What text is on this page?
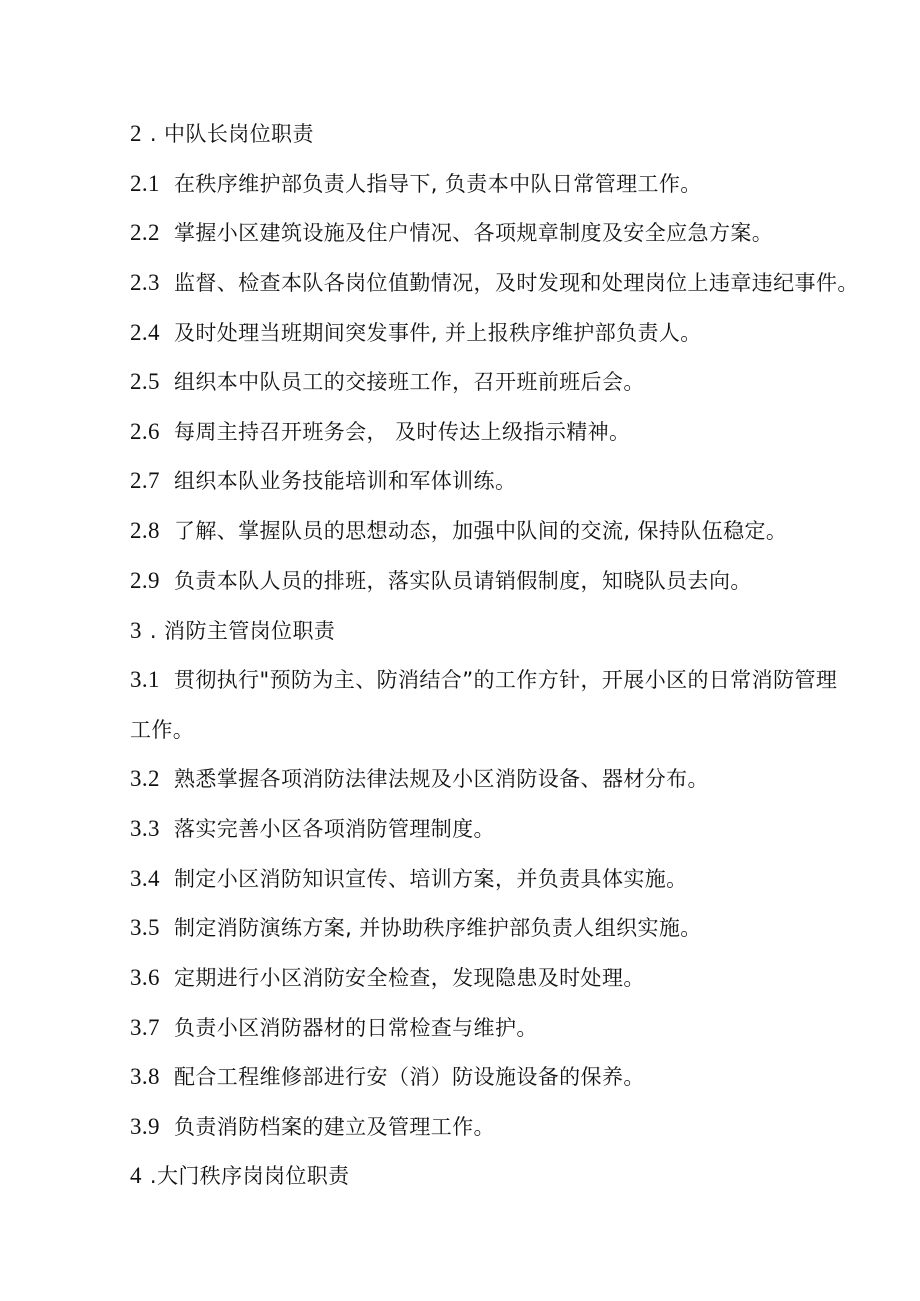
2 . 中队长岗位职责
2.1 在秩序维护部负责人指导下, 负责本中队日常管理工作。
2.2 掌握小区建筑设施及住户情况、各项规章制度及安全应急方案。
2.3 监督、检查本队各岗位值勤情况，及时发现和处理岗位上违章违纪事件。
2.4 及时处理当班期间突发事件, 并上报秩序维护部负责人。
2.5 组织本中队员工的交接班工作，召开班前班后会。
2.6 每周主持召开班务会， 及时传达上级指示精神。
2.7 组织本队业务技能培训和军体训练。
2.8 了解、掌握队员的思想动态，加强中队间的交流, 保持队伍稳定。
2.9 负责本队人员的排班，落实队员请销假制度，知晓队员去向。
3 . 消防主管岗位职责
3.1 贯彻执行"预防为主、防消结合”的工作方针，开展小区的日常消防管理
工作。
3.2 熟悉掌握各项消防法律法规及小区消防设备、器材分布。
3.3 落实完善小区各项消防管理制度。
3.4 制定小区消防知识宣传、培训方案，并负责具体实施。
3.5 制定消防演练方案, 并协助秩序维护部负责人组织实施。
3.6 定期进行小区消防安全检查，发现隐患及时处理。
3.7 负责小区消防器材的日常检查与维护。
3.8 配合工程维修部进行安（消）防设施设备的保养。
3.9 负责消防档案的建立及管理工作。
4 .大门秩序岗岗位职责
